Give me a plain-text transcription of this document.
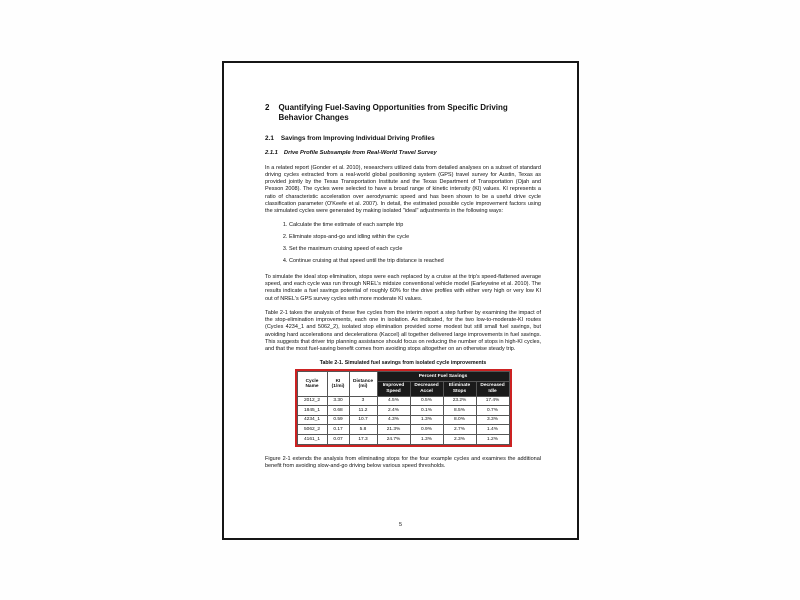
2 Quantifying Fuel-Saving Opportunities from Specific Driving Behavior Changes
2.1 Savings from Improving Individual Driving Profiles
2.1.1 Drive Profile Subsample from Real-World Travel Survey

In a related report (Gonder et al. 2010), researchers utilized data from detailed analyses on a subset of standard driving cycles extracted from a real-world global positioning system (GPS) travel survey for Austin, Texas as provided jointly by the Texas Transportation Institute and the Texas Department of Transportation (Ojah and Pesson 2008). The cycles were selected to have a broad range of kinetic intensity (KI) values. KI represents a ratio of characteristic acceleration over aerodynamic speed and has been shown to be a useful drive cycle classification parameter (O'Keefe et al. 2007). In detail, the estimated possible cycle improvement factors using the simulated cycles were generated by making isolated "ideal" adjustments in the following ways:

1. Calculate the time estimate of each sample trip
2. Eliminate stops-and-go and idling within the cycle
3. Set the maximum cruising speed of each cycle
4. Continue cruising at that speed until the trip distance is reached

To simulate the ideal stop elimination, stops were each replaced by a cruise at the trip's speed-flattened average speed, and each cycle was run through NREL's midsize conventional vehicle model (Earleywine et al. 2010). The results indicate a fuel savings potential of roughly 60% for the drive profiles with either very high or very low KI out of NREL's GPS survey cycles with more moderate KI values.

Table 2-1 takes the analysis of these five cycles from the interim report a step further by examining the impact of the stop-elimination improvements, each one in isolation. As indicated, for the two low-to-moderate-KI routes (Cycles 4234_1 and 5062_2), isolated stop elimination provided some modest but still small fuel savings, but avoiding hard accelerations and decelerations (Kaccel) all together delivered large improvements in fuel savings. This suggests that driver trip planning assistance should focus on reducing the number of stops in high-KI cycles, and that the most fuel-saving benefit comes from avoiding stops altogether on an otherwise steady trip.

Table 2-1. Simulated fuel savings from isolated cycle improvements
Cycle Name	KI (1/mi)	Distance (mi)	Percent Fuel Savings			
			Improved Speed	Decreased Accel	Eliminate Stops	Decreased Idle
2012_2	3.30	3	4.5%	0.5%	23.2%	17.4%
1845_1	0.68	11.2	2.4%	0.1%	8.5%	0.7%
4234_1	0.59	10.7	4.3%	1.3%	8.0%	3.3%
5062_2	0.17	5.8	21.3%	0.9%	2.7%	1.4%
4161_1	0.07	17.3	24.7%	1.3%	2.3%	1.2%

Figure 2-1 extends the analysis from eliminating stops for the four example cycles and examines the additional benefit from avoiding slow-and-go driving below various speed thresholds.

5
